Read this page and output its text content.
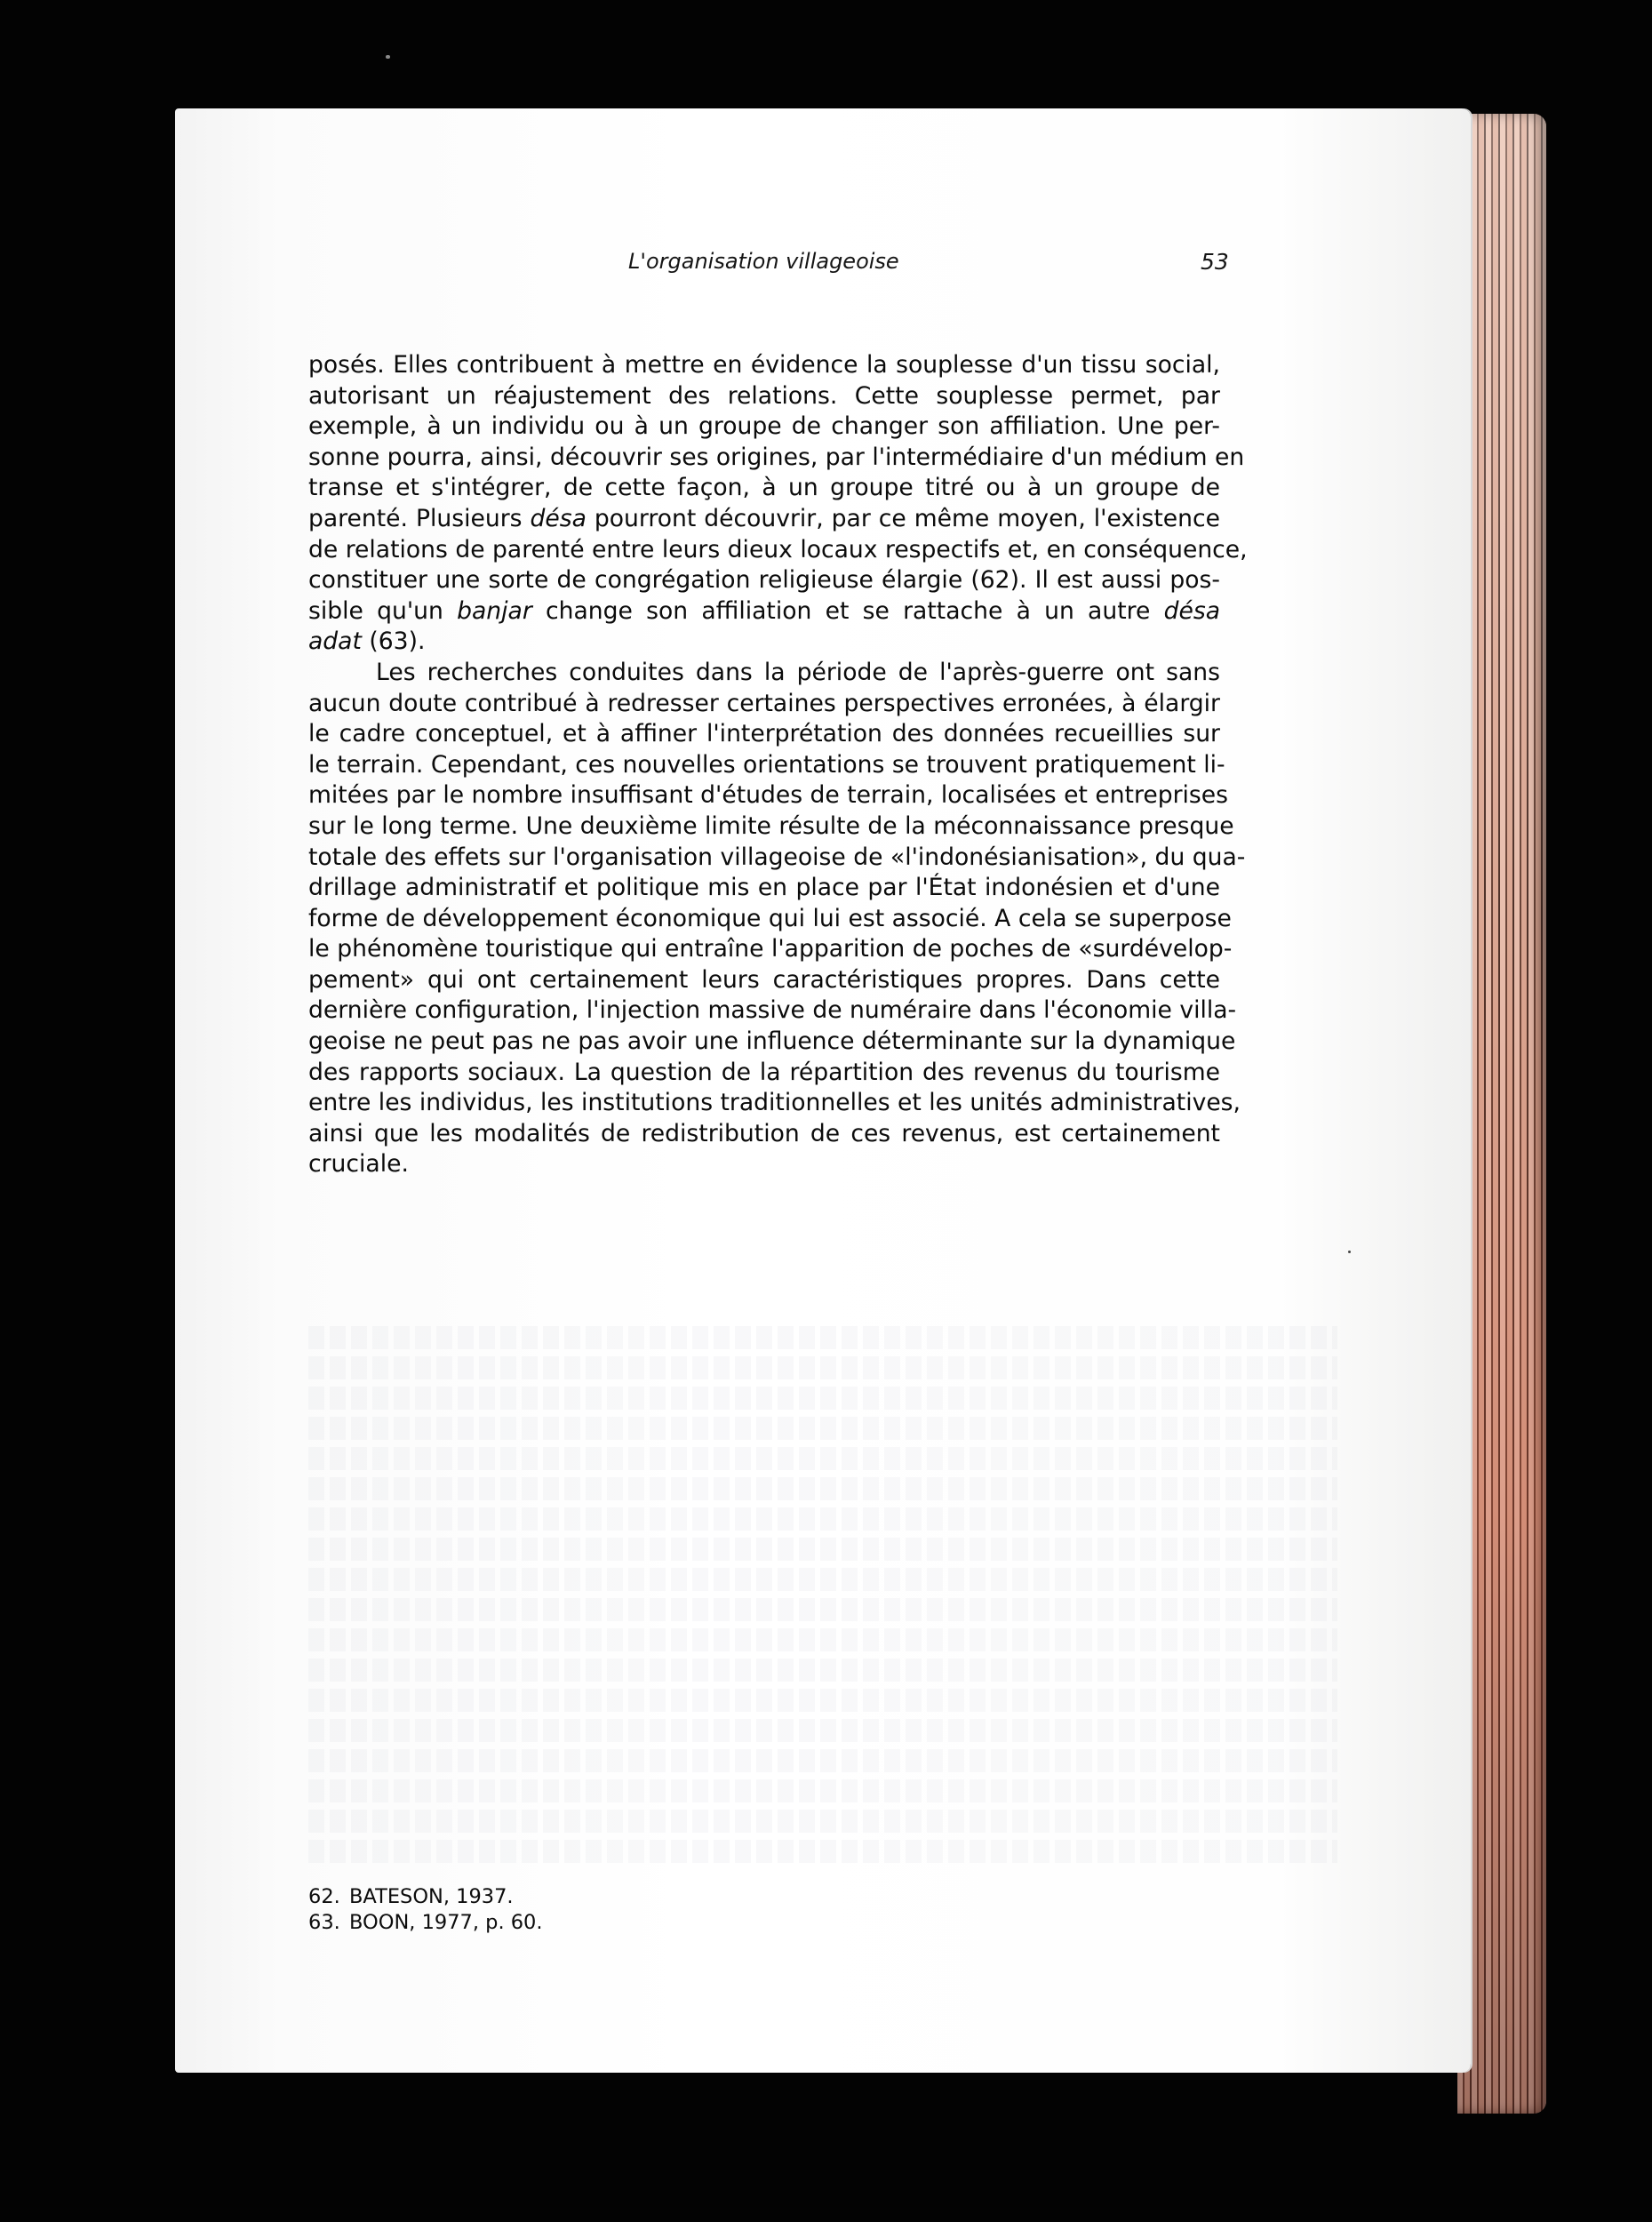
L'organisation villageoise	53

posés. Elles contribuent à mettre en évidence la souplesse d'un tissu social,
autorisant un réajustement des relations. Cette souplesse permet, par
exemple, à un individu ou à un groupe de changer son affiliation. Une per-
sonne pourra, ainsi, découvrir ses origines, par l'intermédiaire d'un médium en
transe et s'intégrer, de cette façon, à un groupe titré ou à un groupe de
parenté. Plusieurs désa pourront découvrir, par ce même moyen, l'existence
de relations de parenté entre leurs dieux locaux respectifs et, en conséquence,
constituer une sorte de congrégation religieuse élargie (62). Il est aussi pos-
sible qu'un banjar change son affiliation et se rattache à un autre désa
adat (63).

Les recherches conduites dans la période de l'après-guerre ont sans
aucun doute contribué à redresser certaines perspectives erronées, à élargir
le cadre conceptuel, et à affiner l'interprétation des données recueillies sur
le terrain. Cependant, ces nouvelles orientations se trouvent pratiquement li-
mitées par le nombre insuffisant d'études de terrain, localisées et entreprises
sur le long terme. Une deuxième limite résulte de la méconnaissance presque
totale des effets sur l'organisation villageoise de «l'indonésianisation», du qua-
drillage administratif et politique mis en place par l'État indonésien et d'une
forme de développement économique qui lui est associé. A cela se superpose
le phénomène touristique qui entraîne l'apparition de poches de «surdévelop-
pement» qui ont certainement leurs caractéristiques propres. Dans cette
dernière configuration, l'injection massive de numéraire dans l'économie villa-
geoise ne peut pas ne pas avoir une influence déterminante sur la dynamique
des rapports sociaux. La question de la répartition des revenus du tourisme
entre les individus, les institutions traditionnelles et les unités administratives,
ainsi que les modalités de redistribution de ces revenus, est certainement
cruciale.

62. BATESON, 1937.
63. BOON, 1977, p. 60.
